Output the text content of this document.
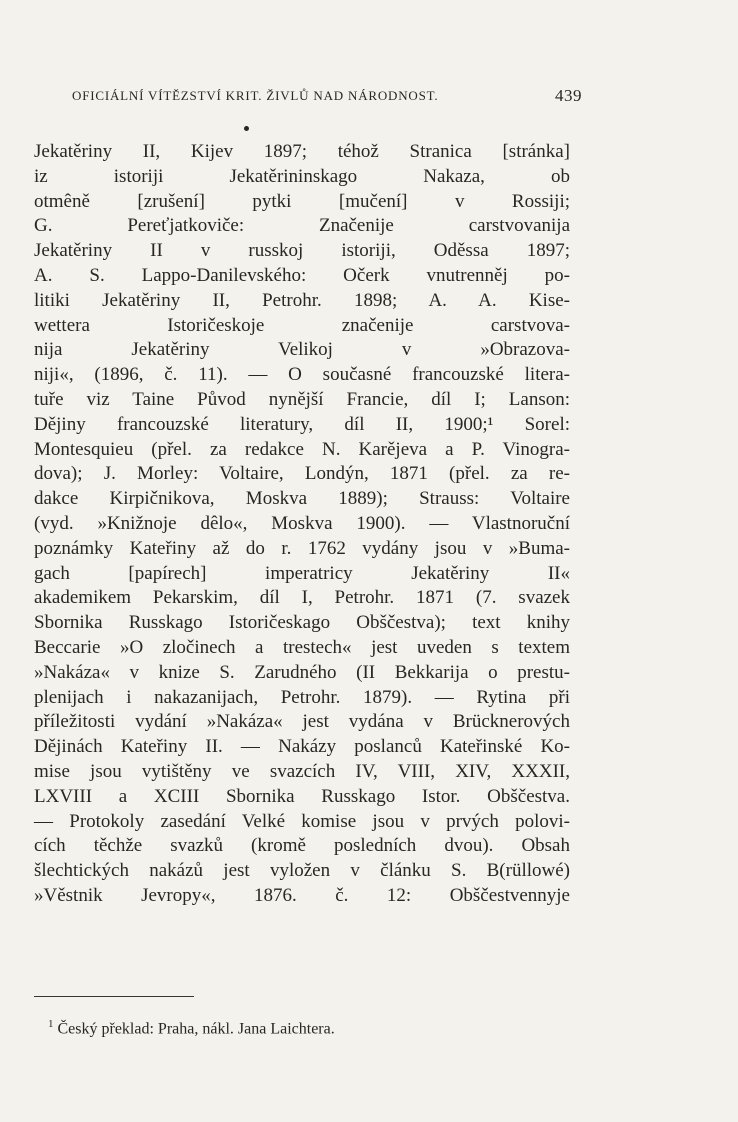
OFICIÁLNÍ VÍTĚZSTVÍ KRIT. ŽIVLŮ NAD NÁRODNOST.	439
Jekatěriny II, Kijev 1897; téhož Stranica [stránka]
iz istoriji Jekatěrininskago Nakaza, ob
otmêně [zrušení] pytki [mučení] v Rossiji;
G. Pereťjatkoviče: Značenije carstvovanija
Jekatěriny II v russkoj istoriji, Oděssa 1897;
A. S. Lappo-Danilevského: Očerk vnutrenněj po-
litiki Jekatěriny II, Petrohr. 1898; A. A. Kise-
wettera Istoričeskoje značenije carstvova-
nija Jekatěriny Velikoj v »Obrazova-
niji«, (1896, č. 11). — O současné francouzské litera-
tuře viz Taine Původ nynější Francie, díl I; Lanson:
Dějiny francouzské literatury, díl II, 1900;¹ Sorel:
Montesquieu (přel. za redakce N. Karějeva a P. Vinogra-
dova); J. Morley: Voltaire, Londýn, 1871 (přel. za re-
dakce Kirpičnikova, Moskva 1889); Strauss: Voltaire
(vyd. »Knižnoje dêlo«, Moskva 1900). — Vlastnoruční
poznámky Kateřiny až do r. 1762 vydány jsou v »Buma-
gach [papírech] imperatricy Jekatěriny II«
akademikem Pekarskim, díl I, Petrohr. 1871 (7. svazek
Sbornika Russkago Istoričeskago Obščestva); text knihy
Beccarie »O zločinech a trestech« jest uveden s textem
»Nakáza« v knize S. Zarudného (II Bekkarija o prestu-
plenijach i nakazanijach, Petrohr. 1879). — Rytina při
příležitosti vydání »Nakáza« jest vydána v Brücknerových
Dějinách Kateřiny II. — Nakázy poslanců Kateřinské Ko-
mise jsou vytištěny ve svazcích IV, VIII, XIV, XXXII,
LXVIII a XCIII Sbornika Russkago Istor. Obščestva.
— Protokoly zasedání Velké komise jsou v prvých polovi-
cích těchže svazků (kromě posledních dvou). Obsah
šlechtických nakázů jest vyložen v článku S. B(rüllowé)
»Věstnik Jevropy«, 1876. č. 12: Obščestvennyje
$^1$ Český překlad: Praha, nákl. Jana Laichtera.
